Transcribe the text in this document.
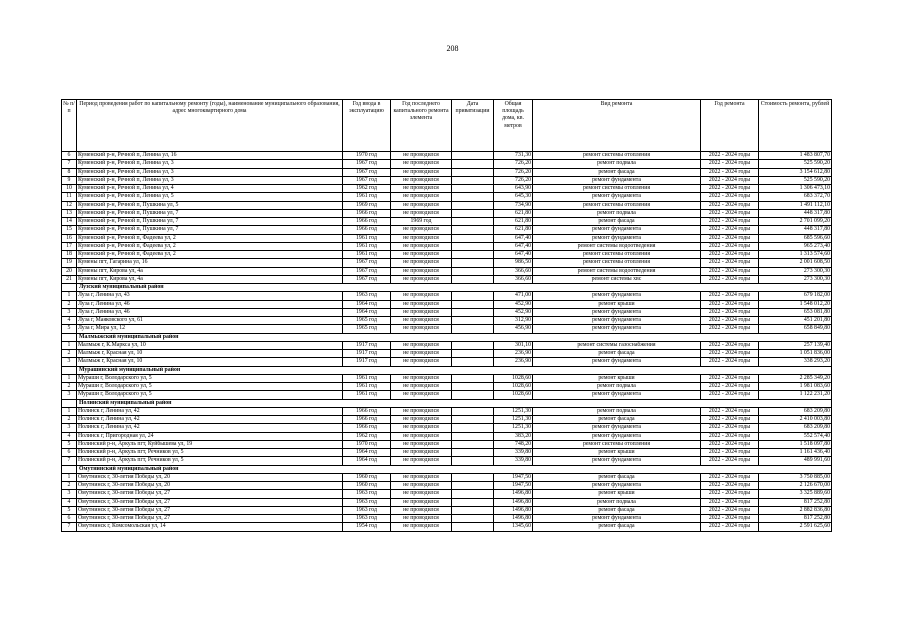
208
№ п/п	Период проведения работ по капитальному ремонту (годы), наименование муниципального образования, адрес многоквартирного дома	Год ввода в эксплуатацию	Год последнего капитального ремонта элемента	Дата приватизации	Общая площадь дома, кв. метров	Вид ремонта	Год ремонта	Стоимость ремонта, рублей
6	Куменский р-н, Речной п, Ленина ул, 16	1970 год	не проводился		731,30	ремонт системы отопления	2022 - 2024 годы	1 483 807,70
7	Куменский р-н, Речной п, Ленина ул, 3	1967 год	не проводился		726,20	ремонт подвала	2022 - 2024 годы	525 590,20
8	Куменский р-н, Речной п, Ленина ул, 3	1967 год	не проводился		726,20	ремонт фасада	2022 - 2024 годы	3 154 612,80
9	Куменский р-н, Речной п, Ленина ул, 3	1967 год	не проводился		726,20	ремонт фундамента	2022 - 2024 годы	525 590,20
10	Куменский р-н, Речной п, Ленина ул, 4	1962 год	не проводился		643,90	ремонт системы отопления	2022 - 2024 годы	1 306 473,10
11	Куменский р-н, Речной п, Ленина ул, 5	1961 год	не проводился		645,30	ремонт фундамента	2022 - 2024 годы	683 372,70
12	Куменский р-н, Речной п, Пушкина ул, 5	1969 год	не проводился		734,90	ремонт системы отопления	2022 - 2024 годы	1 491 112,10
13	Куменский р-н, Речной п, Пушкина ул, 7	1966 год	не проводился		621,80	ремонт подвала	2022 - 2024 годы	448 317,80
14	Куменский р-н, Речной п, Пушкина ул, 7	1966 год	1969 год		621,80	ремонт фасада	2022 - 2024 годы	2 701 099,20
15	Куменский р-н, Речной п, Пушкина ул, 7	1966 год	не проводился		621,80	ремонт фундамента	2022 - 2024 годы	448 317,80
16	Куменский р-н, Речной п, Фадеева ул, 2	1961 год	не проводился		647,40	ремонт фундамента	2022 - 2024 годы	685 596,60
17	Куменский р-н, Речной п, Фадеева ул, 2	1961 год	не проводился		647,40	ремонт системы водоотведения	2022 - 2024 годы	965 273,40
18	Куменский р-н, Речной п, Фадеева ул, 2	1961 год	не проводился		647,40	ремонт системы отопления	2022 - 2024 годы	1 313 574,60
19	Кумены пгт, Гагарина ул, 16	1967 год	не проводился		986,50	ремонт системы отопления	2022 - 2024 годы	2 001 608,50
20	Кумены пгт, Кирова ул, 4а	1967 год	не проводился		366,60	ремонт системы водоотведения	2022 - 2024 годы	273 300,30
21	Кумены пгт, Кирова ул, 4а	1967 год	не проводился		366,60	ремонт системы хвс	2022 - 2024 годы	273 300,30
	Лузский муниципальный район							
1	Луза г, Ленина ул, 43	1963 год	не проводился		471,00	ремонт фундамента	2022 - 2024 годы	679 182,00
2	Луза г, Ленина ул, 46	1964 год	не проводился		452,90	ремонт крыши	2022 - 2024 годы	1 548 012,20
3	Луза г, Ленина ул, 46	1964 год	не проводился		452,90	ремонт фундамента	2022 - 2024 годы	653 081,80
4	Луза г, Маяковского ул, 61	1965 год	не проводился		312,90	ремонт фундамента	2022 - 2024 годы	451 201,80
5	Луза г, Мира ул, 12	1965 год	не проводился		456,90	ремонт фундамента	2022 - 2024 годы	658 849,80
	Малмыжский муниципальный район							
1	Малмыж г, К.Маркса ул, 10	1917 год	не проводился		301,10	ремонт системы газоснабжения	2022 - 2024 годы	257 139,40
2	Малмыж г, Красная ул, 10	1917 год	не проводился		236,90	ремонт фасада	2022 - 2024 годы	1 051 836,00
3	Малмыж г, Красная ул, 10	1917 год	не проводился		236,90	ремонт фундамента	2022 - 2024 годы	338 293,20
	Мурашинский муниципальный район							
1	Мураши г, Володарского ул, 5	1961 год	не проводился		1028,60	ремонт крыши	2022 - 2024 годы	2 285 349,20
2	Мураши г, Володарского ул, 5	1961 год	не проводился		1028,60	ремонт подвала	2022 - 2024 годы	1 981 083,60
3	Мураши г, Володарского ул, 5	1961 год	не проводился		1028,60	ремонт фундамента	2022 - 2024 годы	1 122 231,20
	Нолинский муниципальный район							
1	Нолинск г, Ленина ул, 42	1966 год	не проводился		1251,30	ремонт подвала	2022 - 2024 годы	683 209,80
2	Нолинск г, Ленина ул, 42	1966 год	не проводился		1251,30	ремонт фасада	2022 - 2024 годы	2 410 003,80
3	Нолинск г, Ленина ул, 42	1966 год	не проводился		1251,30	ремонт фундамента	2022 - 2024 годы	683 209,80
4	Нолинск г, Пригородная ул, 24	1962 год	не проводился		383,20	ремонт фундамента	2022 - 2024 годы	552 574,40
5	Нолинский р-н, Аркуль пгт, Куйбышева ул, 19	1970 год	не проводился		748,20	ремонт системы отопления	2022 - 2024 годы	1 518 097,80
6	Нолинский р-н, Аркуль пгт, Речников ул, 5	1964 год	не проводился		339,80	ремонт крыши	2022 - 2024 годы	1 161 436,40
7	Нолинский р-н, Аркуль пгт, Речников ул, 5	1964 год	не проводился		339,80	ремонт фундамента	2022 - 2024 годы	489 991,60
	Омутнинский муниципальный район							
1	Омутнинск г, 30-летия Победы ул, 20	1960 год	не проводился		1947,50	ремонт фасада	2022 - 2024 годы	3 750 885,00
2	Омутнинск г, 30-летия Победы ул, 20	1960 год	не проводился		1947,50	ремонт фундамента	2022 - 2024 годы	2 126 670,00
3	Омутнинск г, 30-летия Победы ул, 27	1963 год	не проводился		1496,80	ремонт крыши	2022 - 2024 годы	3 325 889,60
4	Омутнинск г, 30-летия Победы ул, 27	1963 год	не проводился		1496,80	ремонт подвала	2022 - 2024 годы	817 252,80
5	Омутнинск г, 30-летия Победы ул, 27	1963 год	не проводился		1496,80	ремонт фасада	2022 - 2024 годы	2 882 836,80
6	Омутнинск г, 30-летия Победы ул, 27	1963 год	не проводился		1496,80	ремонт фундамента	2022 - 2024 годы	817 252,80
7	Омутнинск г, Комсомольская ул, 14	1954 год	не проводился		1345,60	ремонт фасада	2022 - 2024 годы	2 591 625,60
